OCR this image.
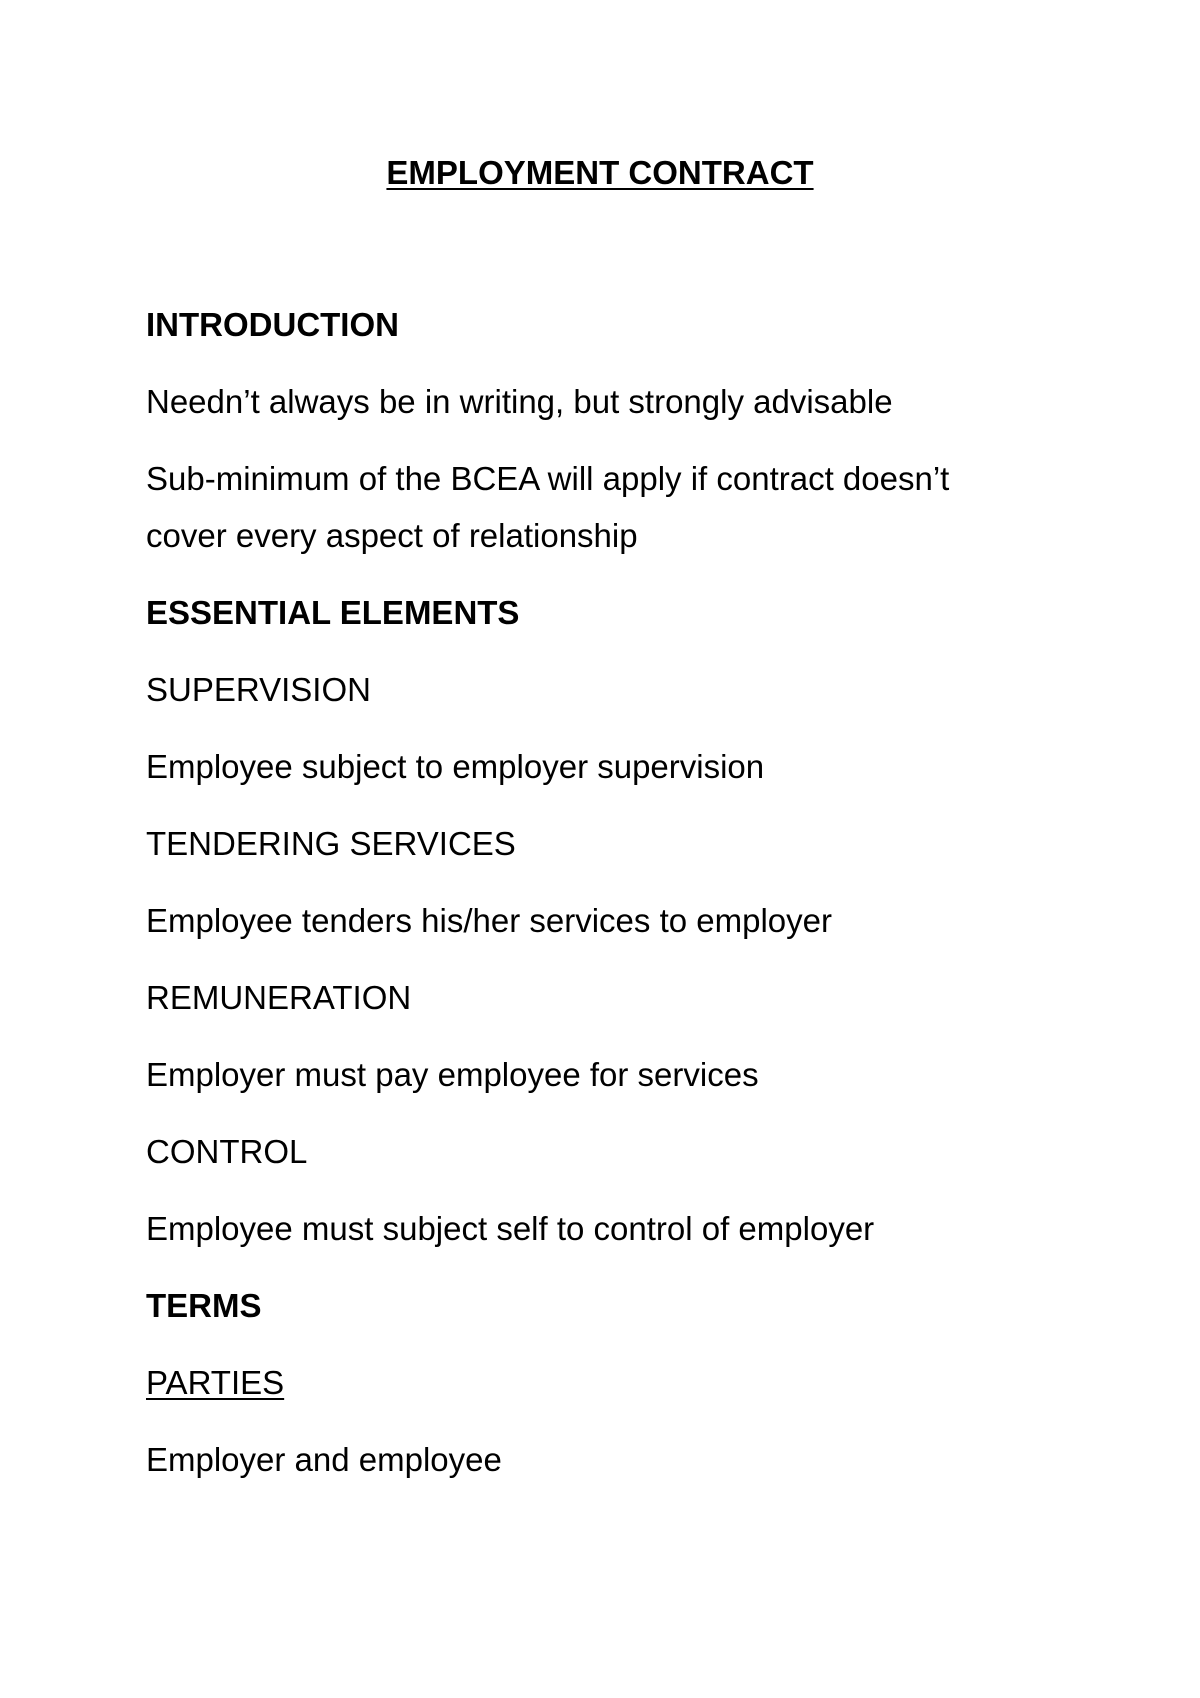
EMPLOYMENT CONTRACT
INTRODUCTION

Needn’t always be in writing, but strongly advisable

Sub-minimum of the BCEA will apply if contract doesn’t

cover every aspect of relationship

ESSENTIAL ELEMENTS
SUPERVISION

Employee subject to employer supervision

TENDERING SERVICES

Employee tenders his/her services to employer

REMUNERATION

Employer must pay employee for services

CONTROL

Employee must subject self to control of employer

TERMS
PARTIES

Employer and employee
